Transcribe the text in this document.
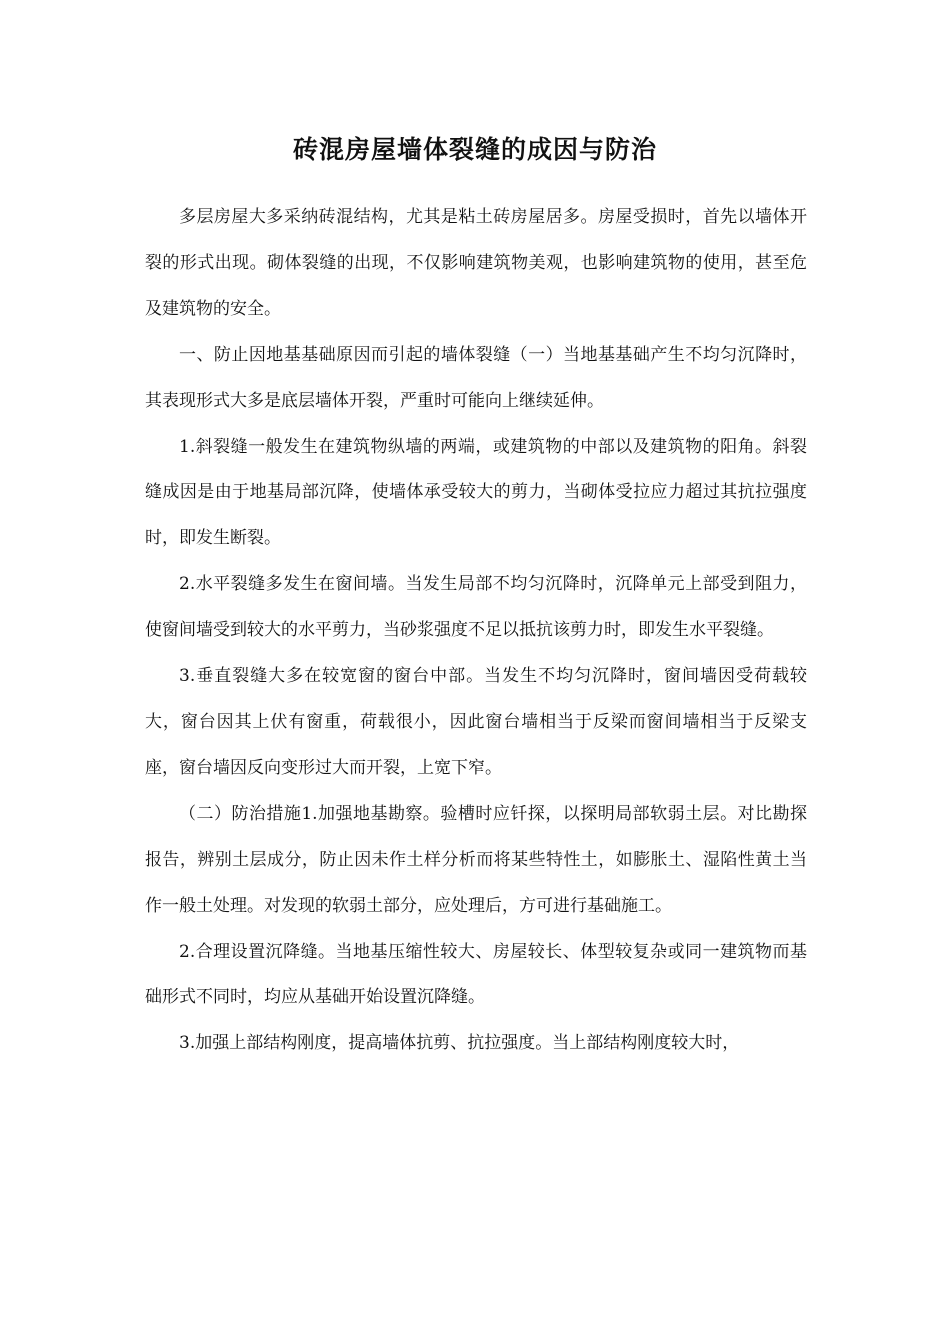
砖混房屋墙体裂缝的成因与防治

多层房屋大多采纳砖混结构，尤其是粘土砖房屋居多。房屋受损时，首先以墙体开裂的形式出现。砌体裂缝的出现，不仅影响建筑物美观，也影响建筑物的使用，甚至危及建筑物的安全。

一、防止因地基基础原因而引起的墙体裂缝（一）当地基基础产生不均匀沉降时，其表现形式大多是底层墙体开裂，严重时可能向上继续延伸。

1.斜裂缝一般发生在建筑物纵墙的两端，或建筑物的中部以及建筑物的阳角。斜裂缝成因是由于地基局部沉降，使墙体承受较大的剪力，当砌体受拉应力超过其抗拉强度时，即发生断裂。

2.水平裂缝多发生在窗间墙。当发生局部不均匀沉降时，沉降单元上部受到阻力，使窗间墙受到较大的水平剪力，当砂浆强度不足以抵抗该剪力时，即发生水平裂缝。

3.垂直裂缝大多在较宽窗的窗台中部。当发生不均匀沉降时，窗间墙因受荷载较大，窗台因其上伏有窗重，荷载很小，因此窗台墙相当于反梁而窗间墙相当于反梁支座，窗台墙因反向变形过大而开裂，上宽下窄。

（二）防治措施1.加强地基勘察。验槽时应钎探，以探明局部软弱土层。对比勘探报告，辨别土层成分，防止因未作土样分析而将某些特性土，如膨胀土、湿陷性黄土当作一般土处理。对发现的软弱土部分，应处理后，方可进行基础施工。

2.合理设置沉降缝。当地基压缩性较大、房屋较长、体型较复杂或同一建筑物而基础形式不同时，均应从基础开始设置沉降缝。

3.加强上部结构刚度，提高墙体抗剪、抗拉强度。当上部结构刚度较大时，
